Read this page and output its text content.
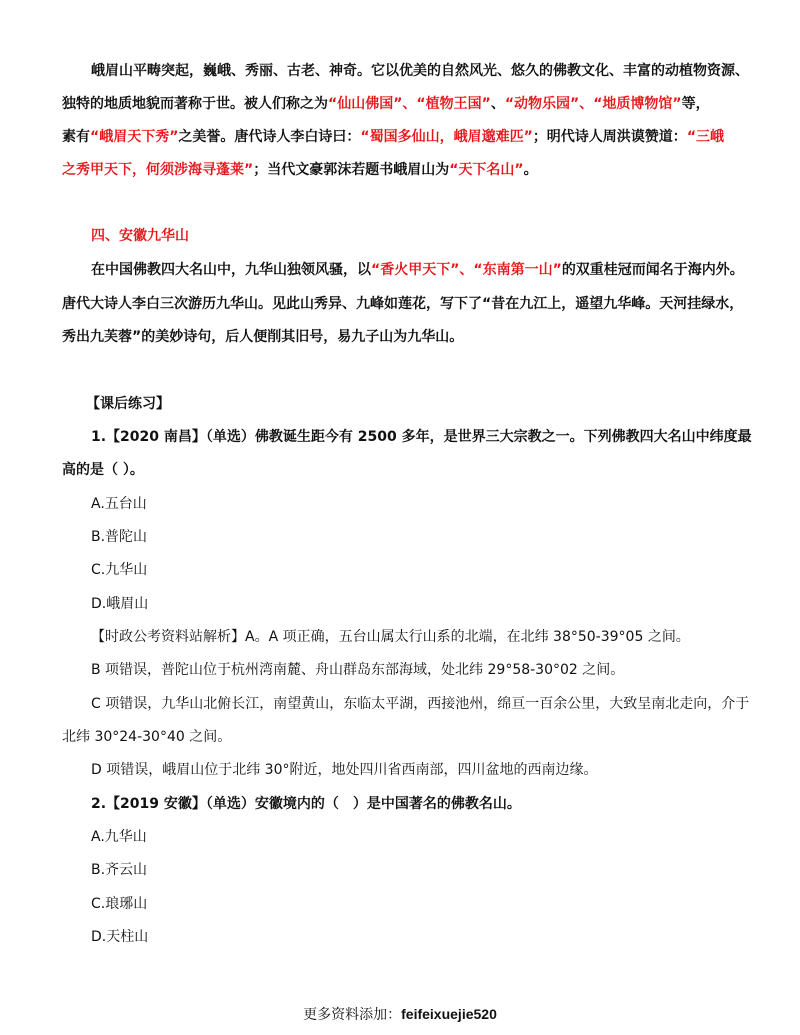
峨眉山平畴突起，巍峨、秀丽、古老、神奇。它以优美的自然风光、悠久的佛教文化、丰富的动植物资源、
独特的地质地貌而著称于世。被人们称之为“仙山佛国”、“植物王国”、“动物乐园”、“地质博物馆”等，
素有“峨眉天下秀”之美誉。唐代诗人李白诗曰：“蜀国多仙山，峨眉邈难匹”；明代诗人周洪谟赞道：“三峨
之秀甲天下，何须涉海寻蓬莱”；当代文豪郭沫若题书峨眉山为“天下名山”。
四、安徽九华山
在中国佛教四大名山中，九华山独领风骚，以“香火甲天下”、“东南第一山”的双重桂冠而闻名于海内外。
唐代大诗人李白三次游历九华山。见此山秀异、九峰如莲花，写下了“昔在九江上，遥望九华峰。天河挂绿水，
秀出九芙蓉”的美妙诗句，后人便削其旧号，易九子山为九华山。
【课后练习】
1.【2020 南昌】（单选）佛教诞生距今有 2500 多年，是世界三大宗教之一。下列佛教四大名山中纬度最
高的是（ ）。
A.五台山
B.普陀山
C.九华山
D.峨眉山
【时政公考资料站解析】A。A 项正确，五台山属太行山系的北端，在北纬 38°50-39°05 之间。
B 项错误，普陀山位于杭州湾南麓、舟山群岛东部海域，处北纬 29°58-30°02 之间。
C 项错误，九华山北俯长江，南望黄山，东临太平湖，西接池州，绵亘一百余公里，大致呈南北走向，介于
北纬 30°24-30°40 之间。
D 项错误，峨眉山位于北纬 30°附近，地处四川省西南部，四川盆地的西南边缘。
2.【2019 安徽】（单选）安徽境内的（　）是中国著名的佛教名山。
A.九华山
B.齐云山
C.琅琊山
D.天柱山
更多资料添加：feifeixuejie520
